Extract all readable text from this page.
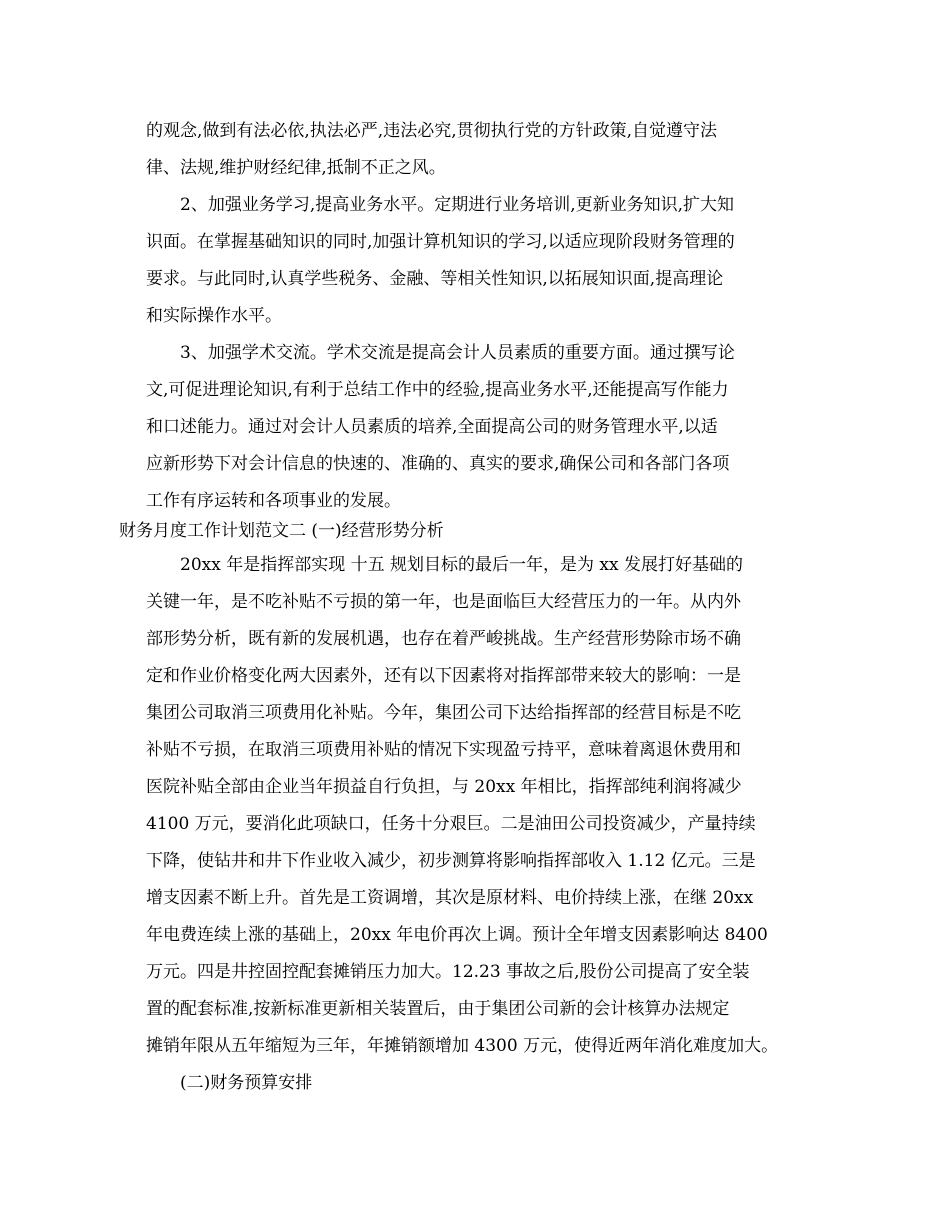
的观念,做到有法必依,执法必严,违法必究,贯彻执行党的方针政策,自觉遵守法
律、法规,维护财经纪律,抵制不正之风。
2、加强业务学习,提高业务水平。定期进行业务培训,更新业务知识,扩大知
识面。在掌握基础知识的同时,加强计算机知识的学习,以适应现阶段财务管理的
要求。与此同时,认真学些税务、金融、等相关性知识,以拓展知识面,提高理论
和实际操作水平。
3、加强学术交流。学术交流是提高会计人员素质的重要方面。通过撰写论
文,可促进理论知识,有利于总结工作中的经验,提高业务水平,还能提高写作能力
和口述能力。通过对会计人员素质的培养,全面提高公司的财务管理水平,以适
应新形势下对会计信息的快速的、准确的、真实的要求,确保公司和各部门各项
工作有序运转和各项事业的发展。
财务月度工作计划范文二 (一)经营形势分析
20xx 年是指挥部实现 十五 规划目标的最后一年，是为 xx 发展打好基础的
关键一年，是不吃补贴不亏损的第一年，也是面临巨大经营压力的一年。从内外
部形势分析，既有新的发展机遇，也存在着严峻挑战。生产经营形势除市场不确
定和作业价格变化两大因素外，还有以下因素将对指挥部带来较大的影响：一是
集团公司取消三项费用化补贴。今年，集团公司下达给指挥部的经营目标是不吃
补贴不亏损，在取消三项费用补贴的情况下实现盈亏持平，意味着离退休费用和
医院补贴全部由企业当年损益自行负担，与 20xx 年相比，指挥部纯利润将减少
4100 万元，要消化此项缺口，任务十分艰巨。二是油田公司投资减少，产量持续
下降，使钻井和井下作业收入减少，初步测算将影响指挥部收入 1.12 亿元。三是
增支因素不断上升。首先是工资调增，其次是原材料、电价持续上涨，在继 20xx
年电费连续上涨的基础上，20xx 年电价再次上调。预计全年增支因素影响达 8400
万元。四是井控固控配套摊销压力加大。12.23 事故之后,股份公司提高了安全装
置的配套标准,按新标准更新相关装置后，由于集团公司新的会计核算办法规定
摊销年限从五年缩短为三年，年摊销额增加 4300 万元，使得近两年消化难度加大。
(二)财务预算安排
